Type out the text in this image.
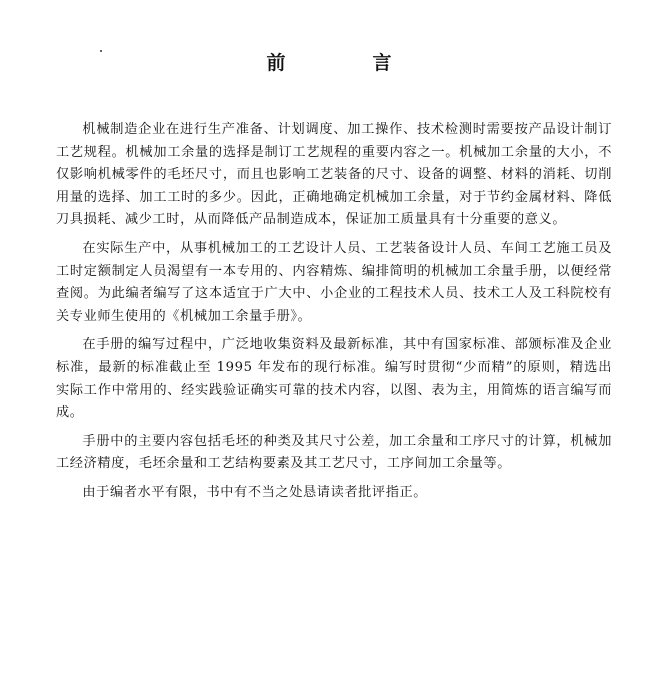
前　言

机械制造企业在进行生产准备、计划调度、加工操作、技术检测时需要按产品设计制订工艺规程。机械加工余量的选择是制订工艺规程的重要内容之一。机械加工余量的大小，不仅影响机械零件的毛坯尺寸，而且也影响工艺装备的尺寸、设备的调整、材料的消耗、切削用量的选择、加工工时的多少。因此，正确地确定机械加工余量，对于节约金属材料、降低刀具损耗、减少工时，从而降低产品制造成本，保证加工质量具有十分重要的意义。

在实际生产中，从事机械加工的工艺设计人员、工艺装备设计人员、车间工艺施工员及工时定额制定人员渴望有一本专用的、内容精炼、编排简明的机械加工余量手册，以便经常查阅。为此编者编写了这本适宜于广大中、小企业的工程技术人员、技术工人及工科院校有关专业师生使用的《机械加工余量手册》。

在手册的编写过程中，广泛地收集资料及最新标准，其中有国家标准、部颁标准及企业标准，最新的标准截止至 1995 年发布的现行标准。编写时贯彻“少而精”的原则，精选出实际工作中常用的、经实践验证确实可靠的技术内容，以图、表为主，用简炼的语言编写而成。

手册中的主要内容包括毛坯的种类及其尺寸公差，加工余量和工序尺寸的计算，机械加工经济精度，毛坯余量和工艺结构要素及其工艺尺寸，工序间加工余量等。

由于编者水平有限，书中有不当之处恳请读者批评指正。
